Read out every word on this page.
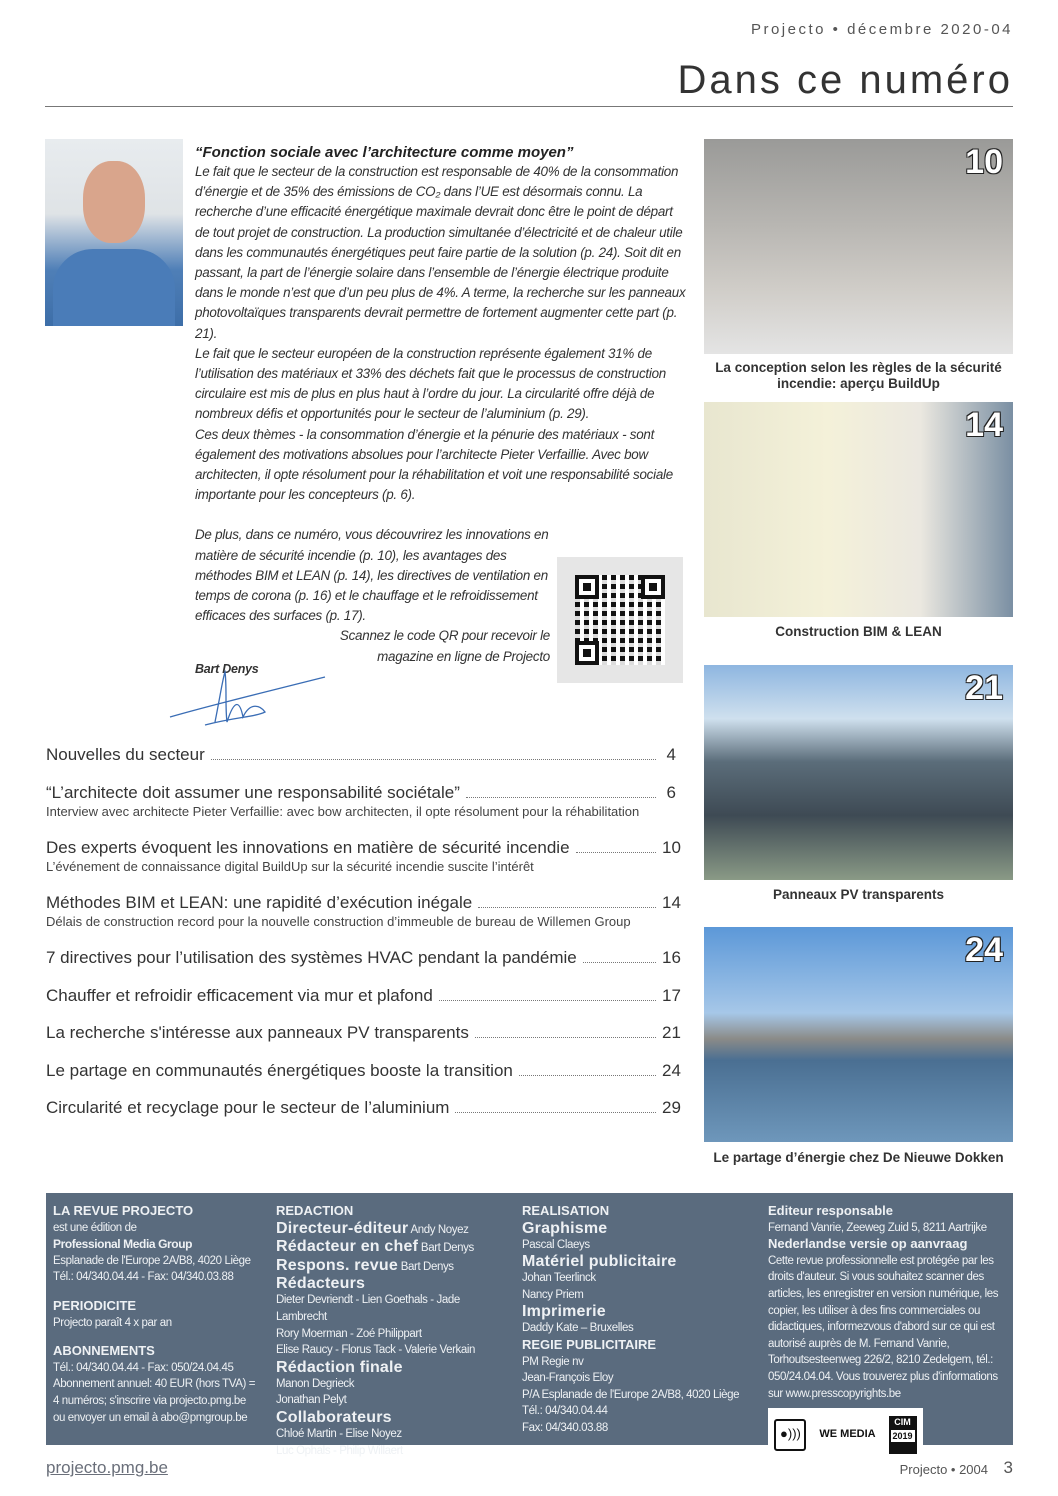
Projecto • décembre 2020-04
Dans ce numéro
“Fonction sociale avec l’architecture comme moyen”

Le fait que le secteur de la construction est responsable de 40% de la consommation d’énergie et de 35% des émissions de CO₂ dans l’UE est désormais connu. La recherche d’une efficacité énergétique maximale devrait donc être le point de départ de tout projet de construction. La production simultanée d’électricité et de chaleur utile dans les communautés énergétiques peut faire partie de la solution (p. 24). Soit dit en passant, la part de l’énergie solaire dans l’ensemble de l’énergie électrique produite dans le monde n’est que d’un peu plus de 4%. A terme, la recherche sur les panneaux photovoltaïques transparents devrait permettre de fortement augmenter cette part (p. 21).

Le fait que le secteur européen de la construction représente également 31% de l’utilisation des matériaux et 33% des déchets fait que le processus de construction circulaire est mis de plus en plus haut à l’ordre du jour. La circularité offre déjà de nombreux défis et opportunités pour le secteur de l’aluminium (p. 29).

Ces deux thèmes - la consommation d’énergie et la pénurie des matériaux - sont également des motivations absolues pour l’architecte Pieter Verfaillie. Avec bow architecten, il opte résolument pour la réhabilitation et voit une responsabilité sociale importante pour les concepteurs (p. 6).

De plus, dans ce numéro, vous découvrirez les innovations en matière de sécurité incendie (p. 10), les avantages des méthodes BIM et LEAN (p. 14), les directives de ventilation en temps de corona (p. 16) et le chauffage et le refroidissement efficaces des surfaces (p. 17).

Scannez le code QR pour recevoir le magazine en ligne de Projecto

Bart Denys
Nouvelles du secteur	4
“L’architecte doit assumer une responsabilité sociétale”	6
Interview avec architecte Pieter Verfaillie: avec bow architecten, il opte résolument pour la réhabilitation
Des experts évoquent les innovations en matière de sécurité incendie	10
L’événement de connaissance digital BuildUp sur la sécurité incendie suscite l’intérêt
Méthodes BIM et LEAN: une rapidité d’exécution inégale	14
Délais de construction record pour la nouvelle construction d’immeuble de bureau de Willemen Group
7 directives pour l’utilisation des systèmes HVAC pendant la pandémie	16
Chauffer et refroidir efficacement via mur et plafond	17
La recherche s'intéresse aux panneaux PV transparents	21
Le partage en communautés énergétiques booste la transition	24
Circularité et recyclage pour le secteur de l’aluminium	29
10
La conception selon les règles de la sécurité incendie: aperçu BuildUp
14
Construction BIM & LEAN
21
Panneaux PV transparents
24
Le partage d’énergie chez De Nieuwe Dokken
LA REVUE PROJECTO
est une édition de
Professional Media Group
Esplanade de l'Europe 2A/B8, 4020 Liège
Tél.: 04/340.04.44 - Fax: 04/340.03.88
PERIODICITE
Projecto paraît 4 x par an
ABONNEMENTS
Tél.: 04/340.04.44 - Fax: 050/24.04.45
Abonnement annuel: 40 EUR (hors TVA) =
4 numéros; s'inscrire via projecto.pmg.be
ou envoyer un email à abo@pmgroup.be
REDACTION
Directeur-éditeur Andy Noyez
Rédacteur en chef Bart Denys
Respons. revue Bart Denys
Rédacteurs
Dieter Devriendt - Lien Goethals - Jade Lambrecht
Rory Moerman - Zoé Philippart
Elise Raucy - Florus Tack - Valerie Verkain
Rédaction finale
Manon Degrieck
Jonathan Pelyt
Collaborateurs
Chloé Martin - Elise Noyez
Luc Ophals - Philip Willaert
REALISATION
Graphisme
Pascal Claeys
Matériel publicitaire
Johan Teerlinck
Nancy Priem
Imprimerie
Daddy Kate – Bruxelles
REGIE PUBLICITAIRE
PM Regie nv
Jean-François Eloy
P/A Esplanade de l'Europe 2A/B8, 4020 Liège
Tél.: 04/340.04.44
Fax: 04/340.03.88
Editeur responsable
Fernand Vanrie, Zeeweg Zuid 5, 8211 Aartrijke
Nederlandse versie op aanvraag
Cette revue professionnelle est protégée par les droits d'auteur. Si vous souhaitez scanner des articles, les enregistrer en version numérique, les copier, les utiliser à des fins commerciales ou didactiques, informezvous d'abord sur ce qui est autorisé auprès de M. Fernand Vanrie, Torhoutsesteenweg 226/2, 8210 Zedelgem, tél.: 050/24.04.04. Vous trouverez plus d'informations sur www.presscopyrights.be
●)))	WE MEDIA
CIM
2019
projecto.pmg.be	Projecto • 2004 3
